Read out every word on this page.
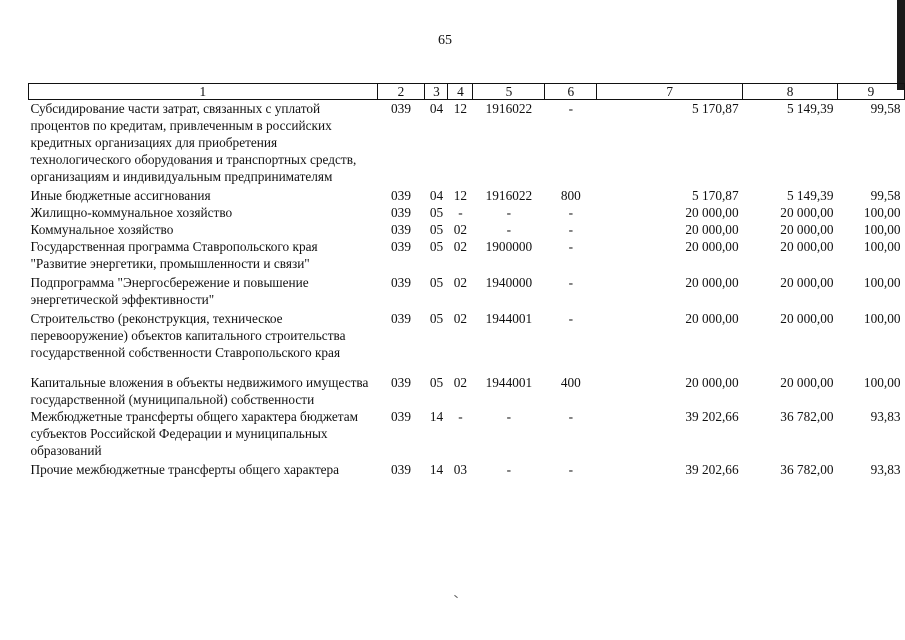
65
1	2	3	4	5	6	7	8	9
Субсидирование части затрат, связанных с уплатой процентов по кредитам, привлеченным в российских кредитных организациях для приобретения технологического оборудования и транспортных средств, организациям и индивидуальным предпринимателям	039	04	12	1916022	-	5 170,87	5 149,39	99,58
Иные бюджетные ассигнования	039	04	12	1916022	800	5 170,87	5 149,39	99,58
Жилищно-коммунальное хозяйство	039	05	-	-	-	20 000,00	20 000,00	100,00
Коммунальное хозяйство	039	05	02	-	-	20 000,00	20 000,00	100,00
Государственная программа Ставропольского края "Развитие энергетики, промышленности и связи"	039	05	02	1900000	-	20 000,00	20 000,00	100,00
Подпрограмма "Энергосбережение и повышение энергетической эффективности"	039	05	02	1940000	-	20 000,00	20 000,00	100,00
Строительство (реконструкция, техническое перевооружение) объектов капитального строительства государственной собственности Ставропольского края	039	05	02	1944001	-	20 000,00	20 000,00	100,00

Капитальные вложения в объекты недвижимого имущества государственной (муниципальной) собственности	039	05	02	1944001	400	20 000,00	20 000,00	100,00
Межбюджетные трансферты общего характера бюджетам субъектов Российской Федерации и муниципальных образований	039	14	-	-	-	39 202,66	36 782,00	93,83
Прочие межбюджетные трансферты общего характера	039	14	03	-	-	39 202,66	36 782,00	93,83
